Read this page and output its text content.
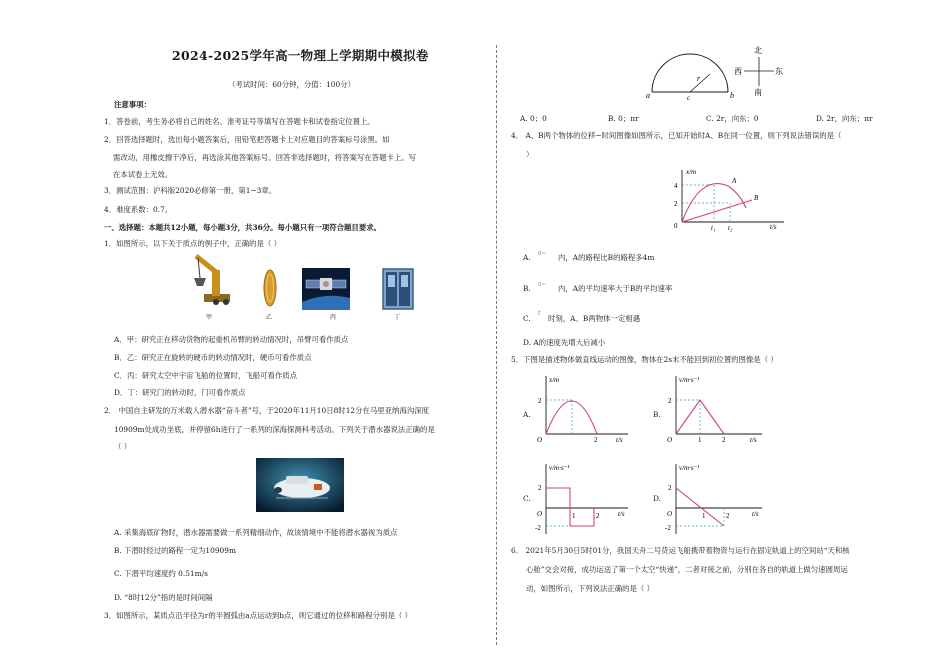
2024-2025学年高一物理上学期期中模拟卷
（考试时间：60分钟，分值：100分）
注意事项：
1．答卷前，考生务必将自己的姓名、准考证号等填写在答题卡和试卷指定位置上。
2．回答选择题时，选出每小题答案后，用铅笔把答题卡上对应题目的答案标号涂黑。如
需改动，用橡皮擦干净后，再选涂其他答案标号。回答非选择题时，将答案写在答题卡上。写
在本试卷上无效。
3．测试范围：沪科版2020必修第一册，第1~3章。
4．难度系数：0.7。
一、选择题：本题共12小题，每小题3分，共36分。每小题只有一项符合题目要求。
1．如图所示，以下关于质点的例子中，正确的是（ ）
甲	乙	丙	丁
A．甲：研究正在移动货物的起重机吊臂的转动情况时，吊臂可看作质点
B．乙：研究正在旋转的硬币的转动情况时，硬币可看作质点
C．丙：研究太空中宇宙飞船的位置时，飞船可看作质点
D．丁：研究门的转动时，门可看作质点
2． 中国自主研发的万米载人潜水器“奋斗者”号，于2020年11月10日8时12分在马里亚纳海沟深度
10909m处成功坐底，并停留6h进行了一系列的深海探测科考活动。下列关于潜水器说法正确的是
（ ）
A. 采集海底矿物时，潜水器需要做一系列精细动作，故该情境中不能将潜水器视为质点
B. 下潜时经过的路程一定为10909m
C. 下潜平均速度约 0.51m/s
D. “8时12分”指的是时间间隔
3．如图所示，某质点沿半径为r的半圆弧由a点运动到b点，则它通过的位移和路程分别是（ ）
a	b
r
c
北
南
西	东
A. 0；0	B. 0；πr	C. 2r，向东；0	D. 2r，向东；πr
4． A、B两个物体的位移−时间图像如图所示，已知开始时A、B在同一位置，则下列说法错误的是（
）
x/m
t/s
4
2
0
A
B
t₁ t₂
A. 0~ 内，A的路程比B的路程多4m
B. 0~ 内，A的平均速率大于B的平均速率
C.
t
时刻，A、B两物体一定相遇
D. A的速度先增大后减小
5．下图是描述物体做直线运动的图像，物体在2s末不能回到初位置的图像是（ ）
A.
x/m
t/s
2
O	2
B.
v/m·s⁻¹
t/s
2
O	1	2
C.
v/m·s⁻¹
t/s
2
-2
O	1	2
D.
v/m·s⁻¹
t/s
2
-2
O	1	2
6． 2021年5月30日5时01分，我国天舟二号货运飞船携带着物资与运行在固定轨道上的空间站“天和核
心舱”交会对接，成功运送了第一个太空“快递”，二者对接之前，分别在各自的轨道上做匀速圆周运
动，如图所示，下列说法正确的是（ ）
